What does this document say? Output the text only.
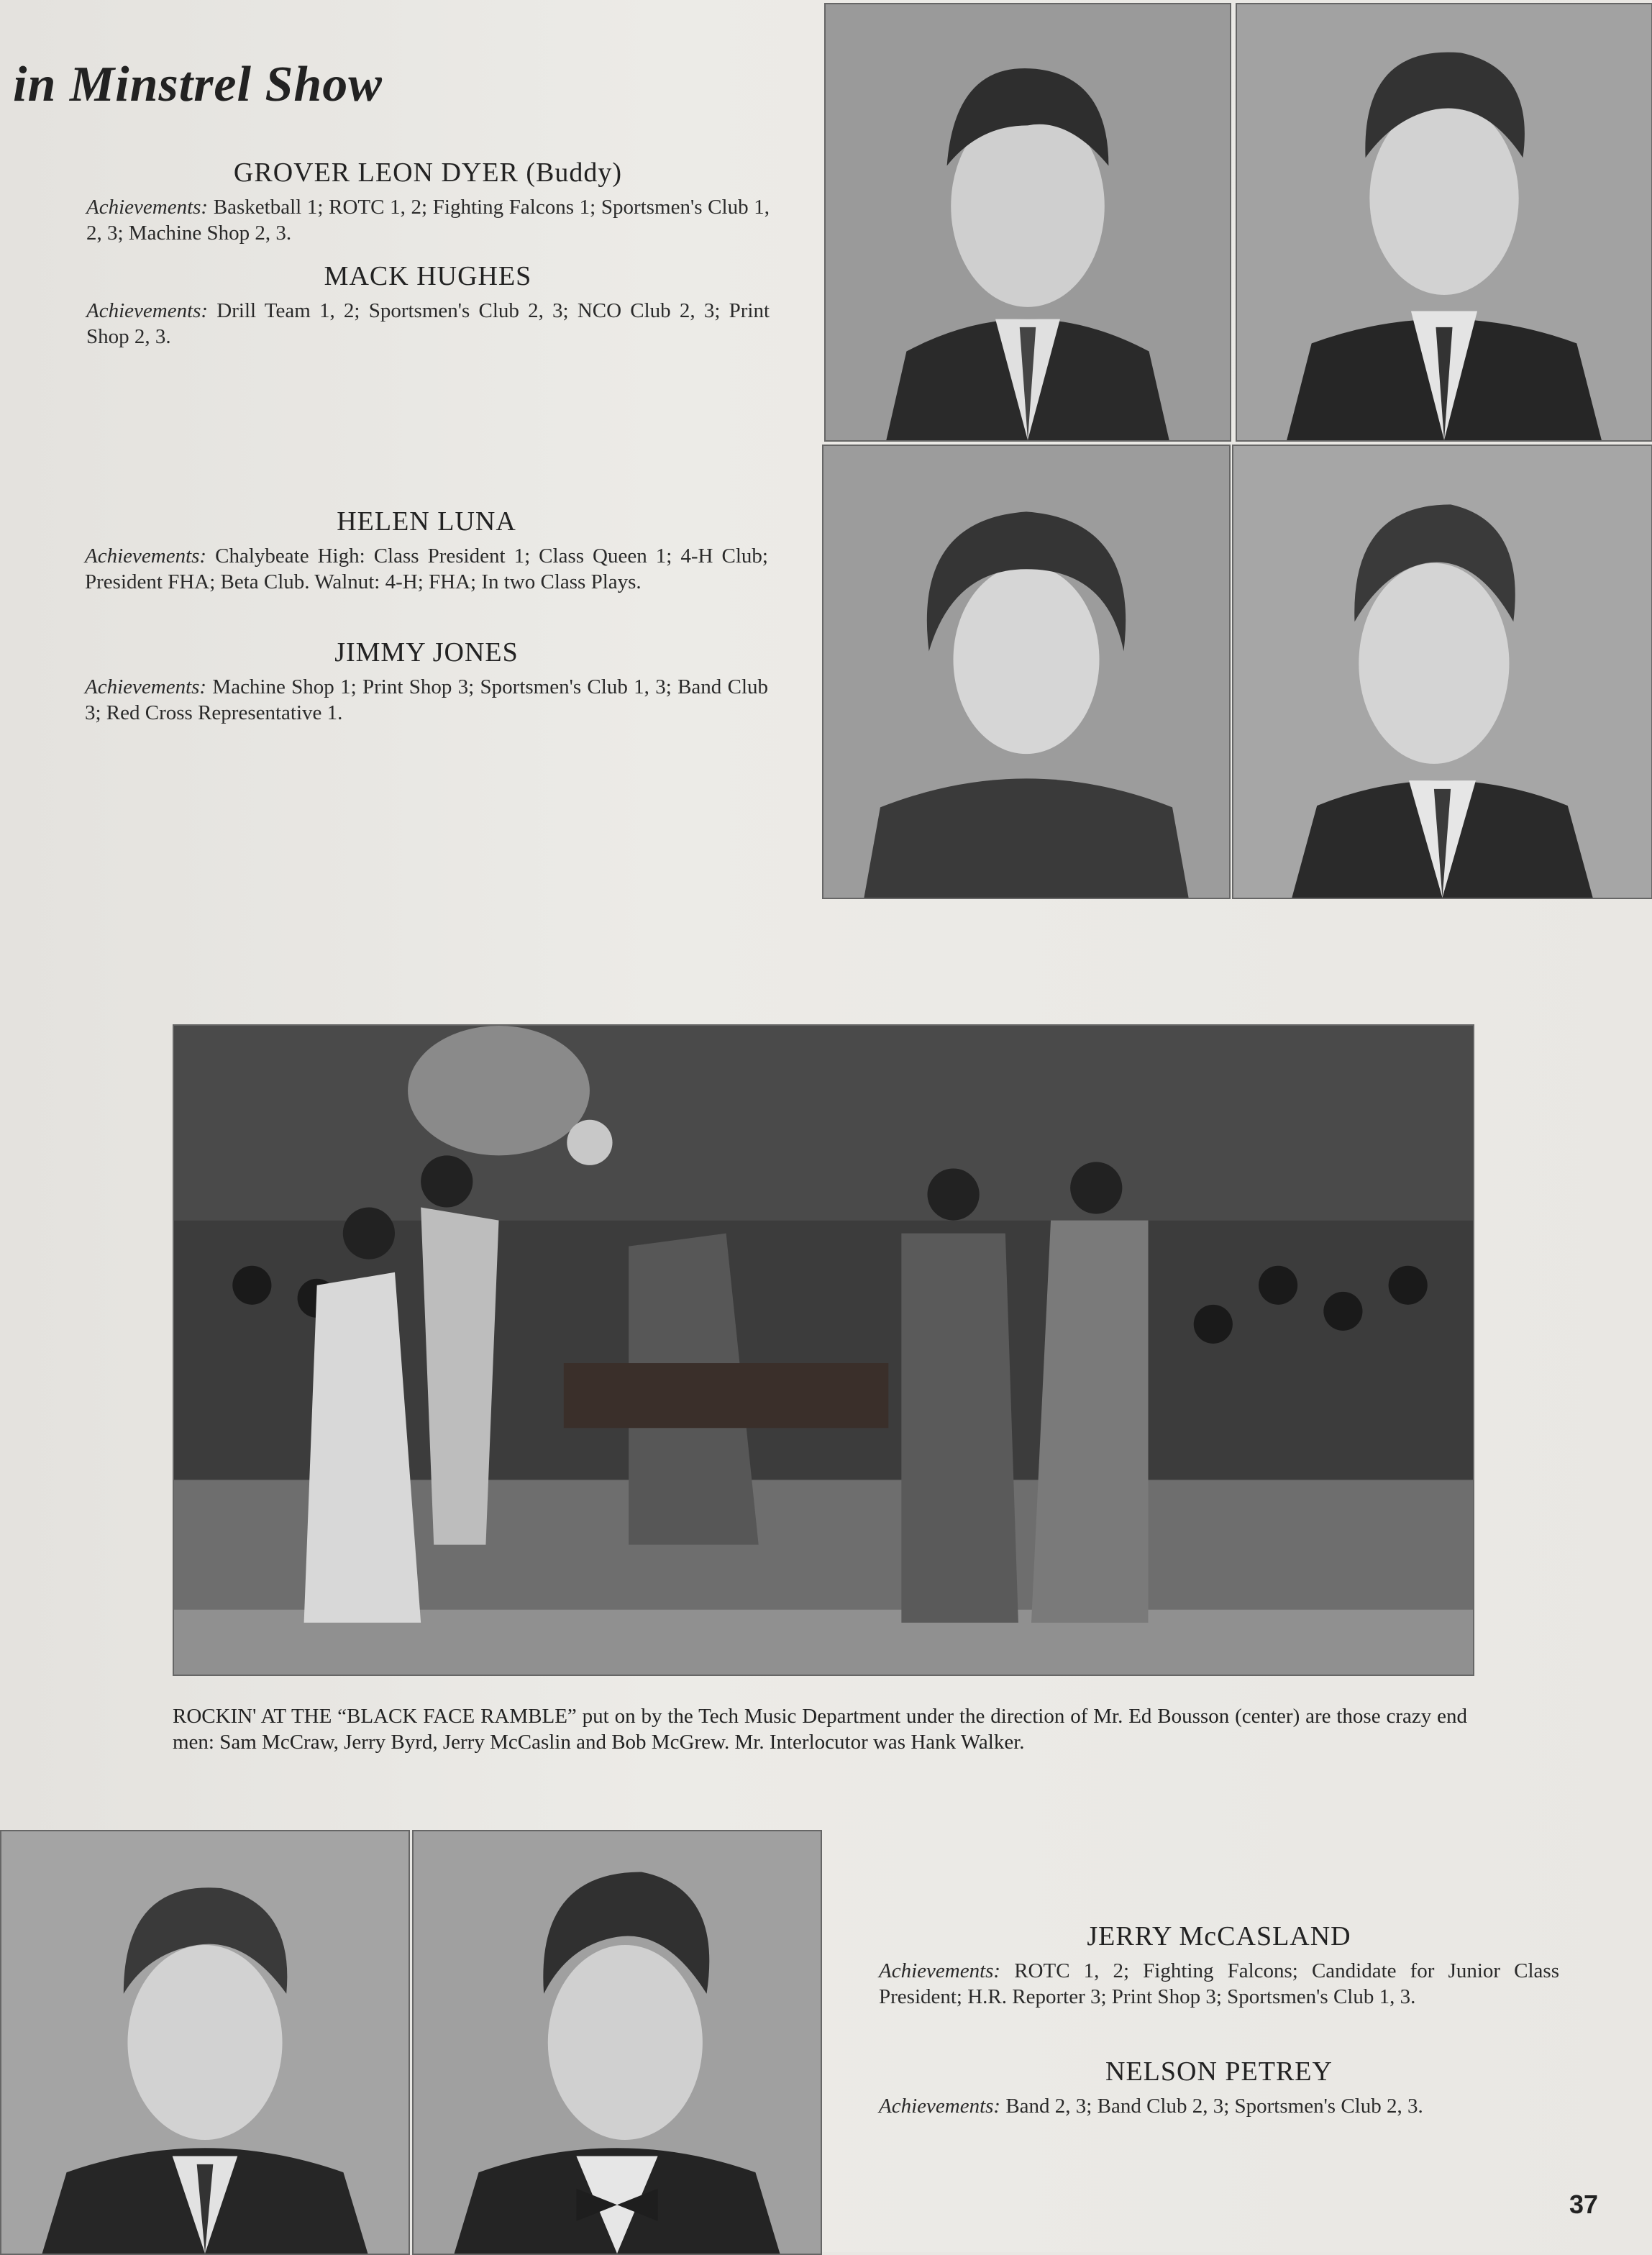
in Minstrel Show
GROVER LEON DYER (Buddy)
Achievements: Basketball 1; ROTC 1, 2; Fighting Falcons 1; Sportsmen's Club 1, 2, 3; Machine Shop 2, 3.
MACK HUGHES
Achievements: Drill Team 1, 2; Sportsmen's Club 2, 3; NCO Club 2, 3; Print Shop 2, 3.
HELEN LUNA
Achievements: Chalybeate High: Class President 1; Class Queen 1; 4-H Club; President FHA; Beta Club. Walnut: 4-H; FHA; In two Class Plays.
JIMMY JONES
Achievements: Machine Shop 1; Print Shop 3; Sportsmen's Club 1, 3; Band Club 3; Red Cross Representative 1.
ROCKIN' AT THE “BLACK FACE RAMBLE” put on by the Tech Music Department under the direction of Mr. Ed Bousson (center) are those crazy end men: Sam McCraw, Jerry Byrd, Jerry McCaslin and Bob McGrew. Mr. Interlocutor was Hank Walker.
JERRY McCASLAND
Achievements: ROTC 1, 2; Fighting Falcons; Candidate for Junior Class President; H.R. Reporter 3; Print Shop 3; Sportsmen's Club 1, 3.
NELSON PETREY
Achievements: Band 2, 3; Band Club 2, 3; Sportsmen's Club 2, 3.
37
